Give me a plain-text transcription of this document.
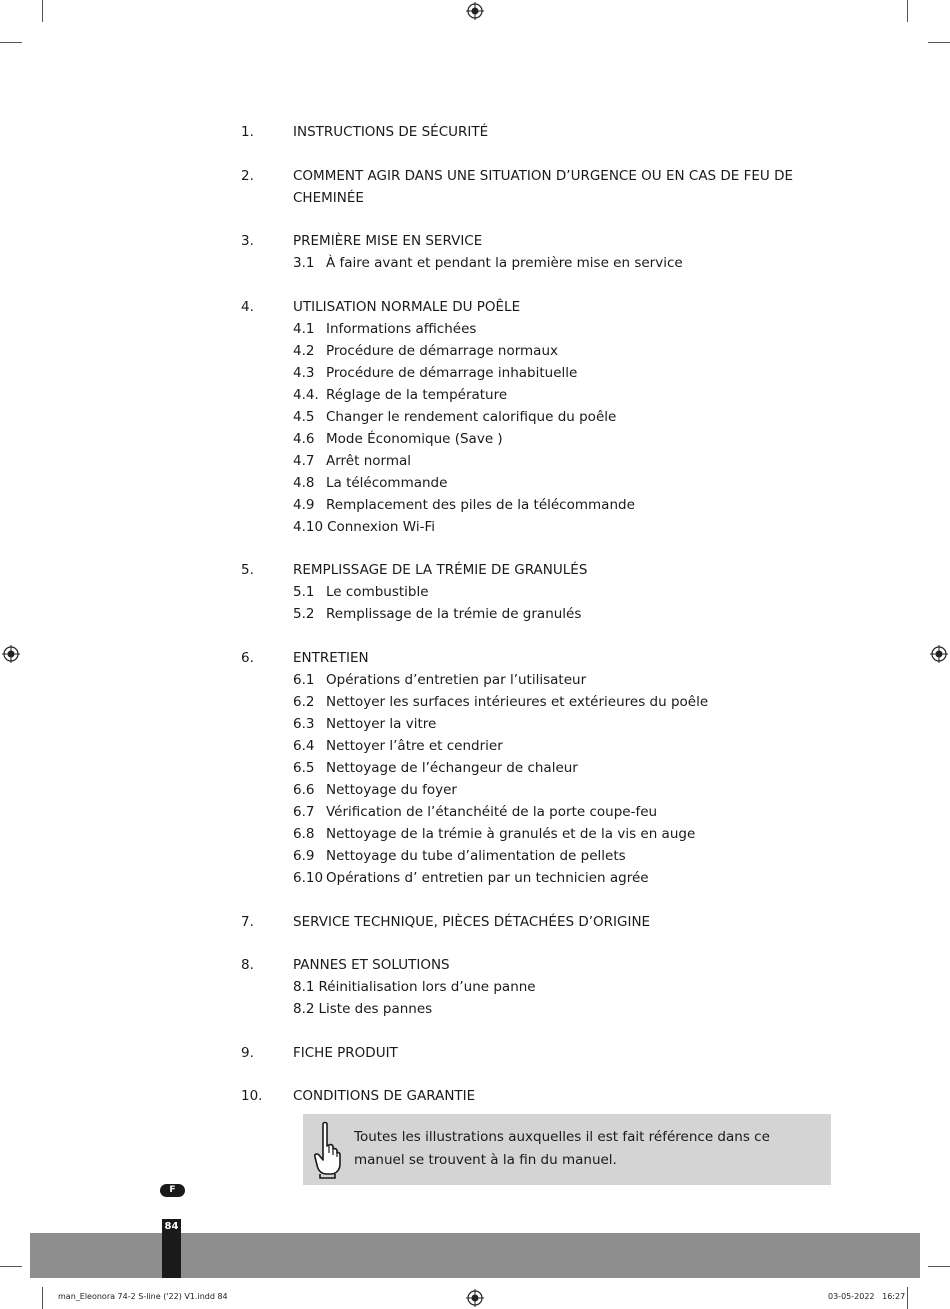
1.	INSTRUCTIONS DE SÉCURITÉ
2.	COMMENT AGIR DANS UNE SITUATION D’URGENCE OU EN CAS DE FEU DE CHEMINÉE
3.	PREMIÈRE MISE EN SERVICE
3.1 À faire avant et pendant la première mise en service
4.	UTILISATION NORMALE DU POÊLE
4.1 Informations affichées
4.2 Procédure de démarrage normaux
4.3 Procédure de démarrage inhabituelle
4.4. Réglage de la température
4.5 Changer le rendement calorifique du poêle
4.6 Mode Économique (Save )
4.7 Arrêt normal
4.8 La télécommande
4.9 Remplacement des piles de la télécommande
4.10 Connexion Wi-Fi
5.	REMPLISSAGE DE LA TRÉMIE DE GRANULÉS
5.1 Le combustible
5.2 Remplissage de la trémie de granulés
6.	ENTRETIEN
6.1 Opérations d’entretien par l’utilisateur
6.2 Nettoyer les surfaces intérieures et extérieures du poêle
6.3 Nettoyer la vitre
6.4 Nettoyer l’âtre et cendrier
6.5 Nettoyage de l’échangeur de chaleur
6.6 Nettoyage du foyer
6.7 Vérification de l’étanchéité de la porte coupe-feu
6.8 Nettoyage de la trémie à granulés et de la vis en auge
6.9 Nettoyage du tube d’alimentation de pellets
6.10 Opérations d’ entretien par un technicien agrée
7.	SERVICE TECHNIQUE, PIÈCES DÉTACHÉES D’ORIGINE
8.	PANNES ET SOLUTIONS
8.1 Réinitialisation lors d’une panne
8.2 Liste des pannes
9.	FICHE PRODUIT
10. CONDITIONS DE GARANTIE
Toutes les illustrations auxquelles il est fait référence dans ce manuel se trouvent à la fin du manuel.
F
84
man_Eleonora 74-2 S-line ('22) V1.indd 84	03-05-2022   16:27
